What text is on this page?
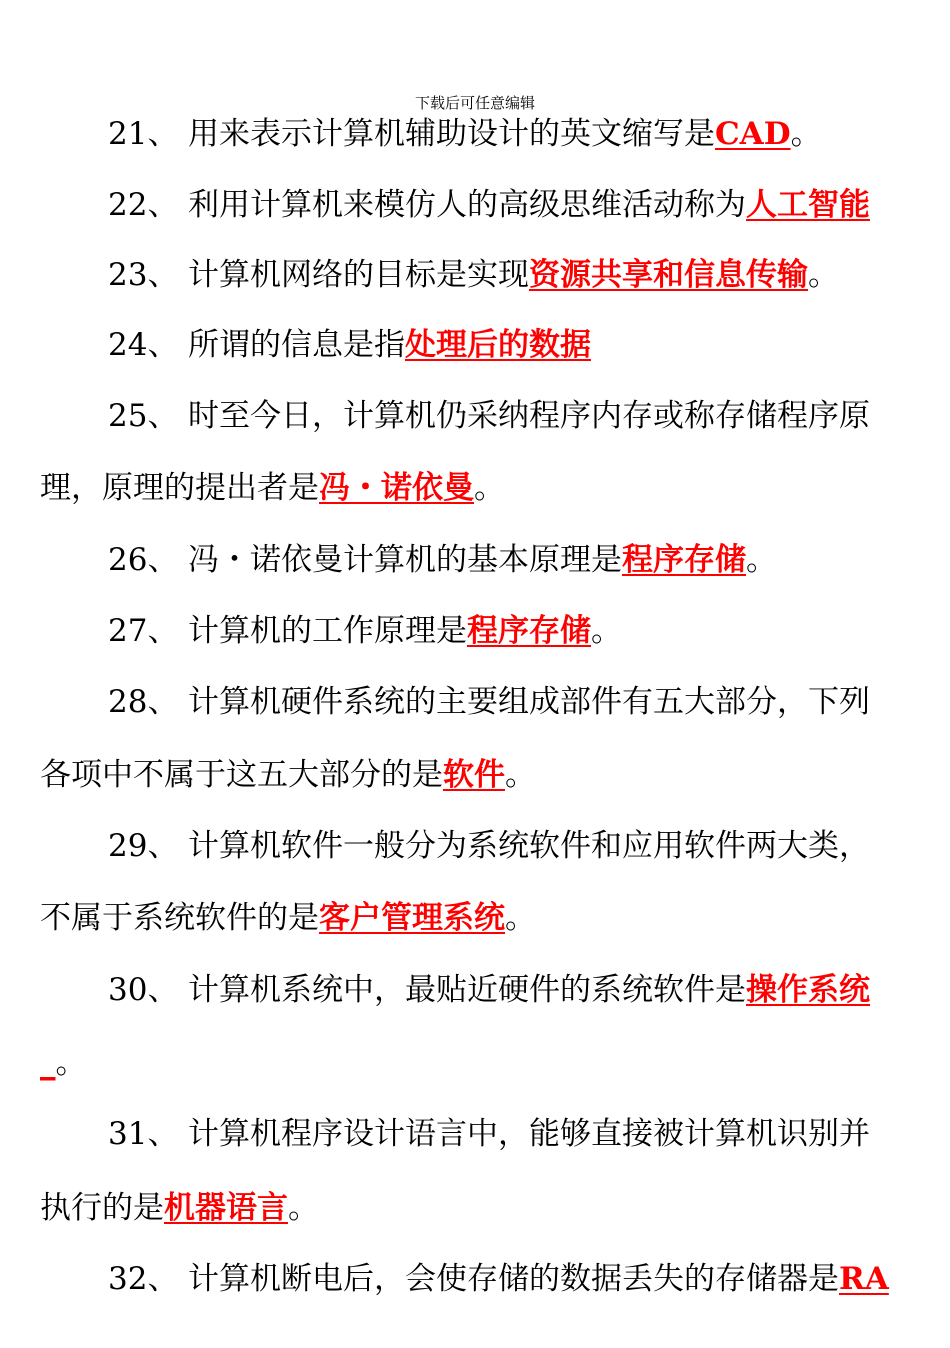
下载后可任意编辑
21、 用来表示计算机辅助设计的英文缩写是CAD。
22、 利用计算机来模仿人的高级思维活动称为人工智能
23、 计算机网络的目标是实现资源共享和信息传输。
24、 所谓的信息是指处理后的数据
25、 时至今日，计算机仍采纳程序内存或称存储程序原
理，原理的提出者是冯・诺依曼。
26、 冯・诺依曼计算机的基本原理是程序存储。
27、 计算机的工作原理是程序存储。
28、 计算机硬件系统的主要组成部件有五大部分，下列
各项中不属于这五大部分的是软件。
29、 计算机软件一般分为系统软件和应用软件两大类，
不属于系统软件的是客户管理系统。
30、 计算机系统中，最贴近硬件的系统软件是操作系统
_。
31、 计算机程序设计语言中，能够直接被计算机识别并
执行的是机器语言。
32、 计算机断电后，会使存储的数据丢失的存储器是RA
